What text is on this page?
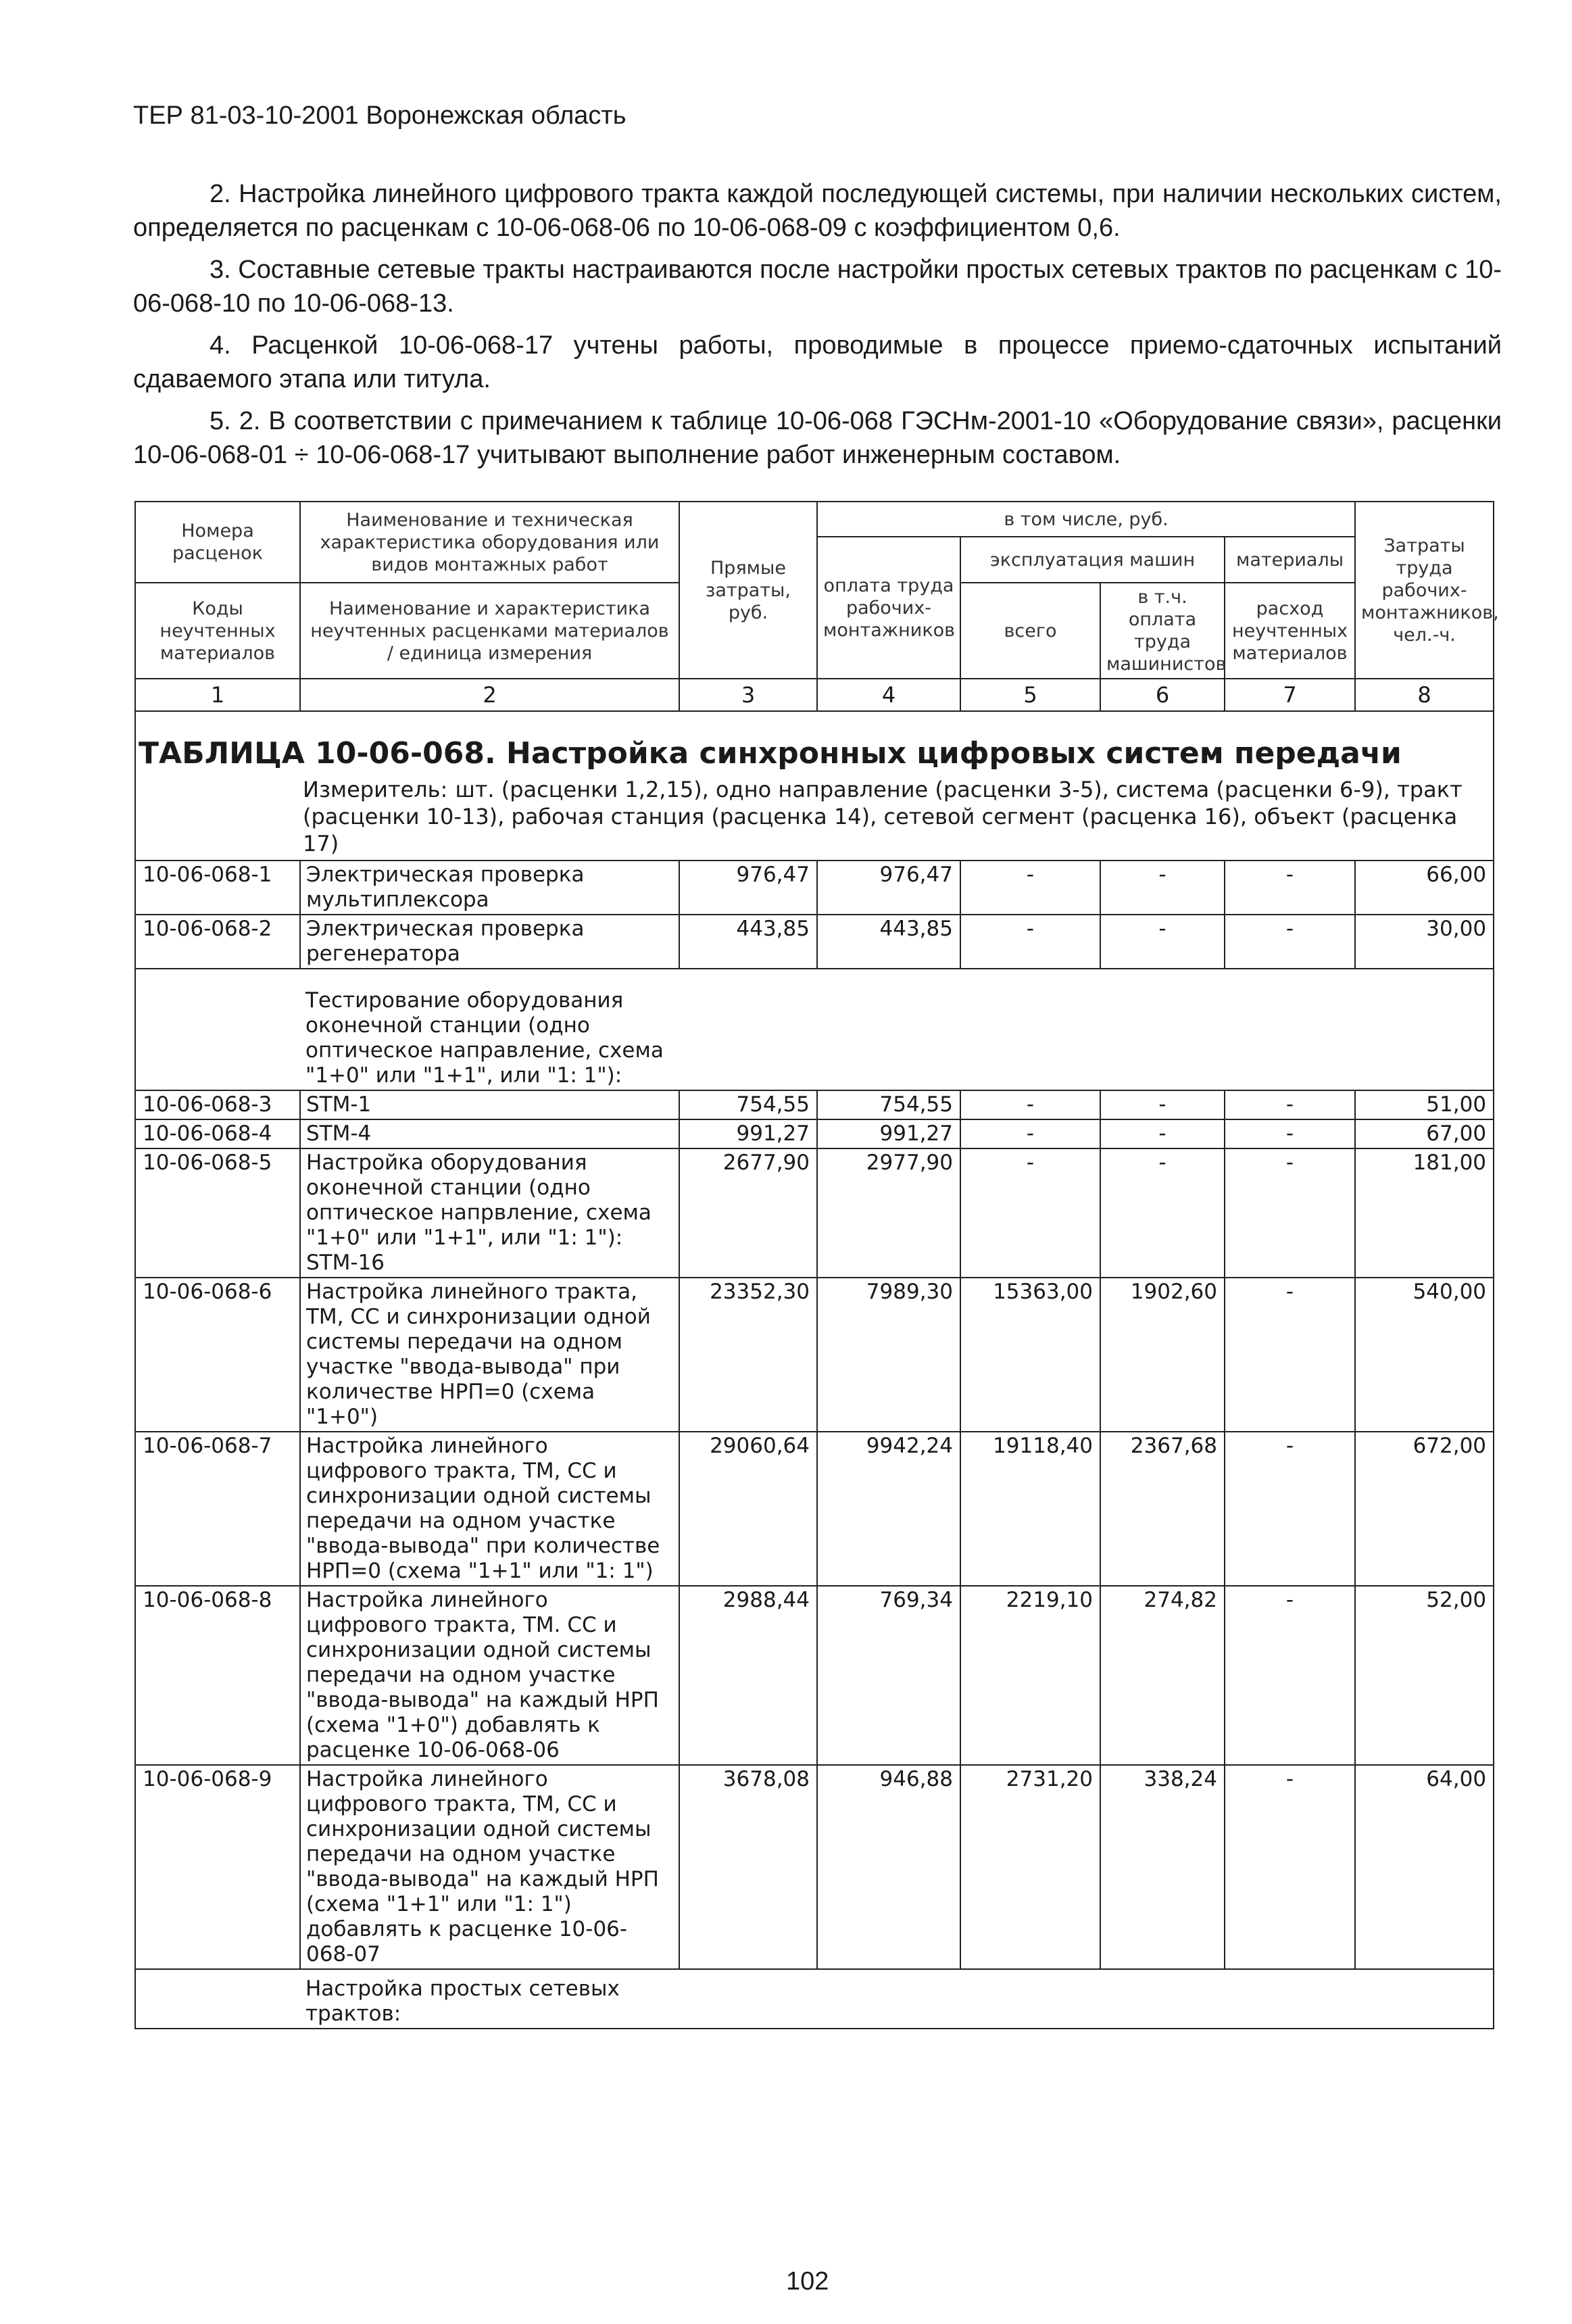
ТЕР 81-03-10-2001 Воронежская область

2. Настройка линейного цифрового тракта каждой последующей системы, при наличии нескольких систем, определяется по расценкам с 10-06-068-06 по 10-06-068-09 с коэффициентом 0,6.

3. Составные сетевые тракты настраиваются после настройки простых сетевых трактов по расценкам с 10-06-068-10 по 10-06-068-13.

4. Расценкой 10-06-068-17 учтены работы, проводимые в процессе приемо-сдаточных испытаний сдаваемого этапа или титула.

5. 2. В соответствии с примечанием к таблице 10-06-068 ГЭСНм-2001-10 «Оборудование связи», расценки 10-06-068-01 ÷ 10-06-068-17 учитывают выполнение работ инженерным составом.

Номера расценок	Наименование и техническая характеристика оборудования или видов монтажных работ	Прямые затраты, руб.	в том числе, руб.				Затраты труда рабочих-монтажников, чел.-ч.
			оплата труда рабочих-монтажников	эксплуатация машин		материалы	
Коды неучтенных материалов	Наименование и характеристика неучтенных расценками материалов / единица измерения			всего	в т.ч. оплата труда машинистов	расход неучтенных материалов	

1	2	3	4	5	6	7	8

ТАБЛИЦА 10-06-068. Настройка синхронных цифровых систем передачи
Измеритель: шт. (расценки 1,2,15), одно направление (расценки 3-5), система (расценки 6-9), тракт (расценки 10-13), рабочая станция (расценка 14), сетевой сегмент (расценка 16), объект (расценка 17)							

10-06-068-1	Электрическая проверка мультиплексора	976,47	976,47	-	-	-	66,00
10-06-068-2	Электрическая проверка регенератора	443,85	443,85	-	-	-	30,00

	Тестирование оборудования оконечной станции (одно оптическое направление, схема "1+0" или "1+1", или "1: 1"):						

10-06-068-3	STM-1	754,55	754,55	-	-	-	51,00
10-06-068-4	STM-4	991,27	991,27	-	-	-	67,00
10-06-068-5	Настройка оборудования оконечной станции (одно оптическое напрвление, схема "1+0" или "1+1", или "1: 1"): STM-16	2677,90	2977,90	-	-	-	181,00
10-06-068-6	Настройка линейного тракта, ТМ, СС и синхронизации одной системы передачи на одном участке "ввода-вывода" при количестве НРП=0 (схема "1+0")	23352,30	7989,30	15363,00	1902,60	-	540,00
10-06-068-7	Настройка линейного цифрового тракта, ТМ, СС и синхронизации одной системы передачи на одном участке "ввода-вывода" при количестве НРП=0 (схема "1+1" или "1: 1")	29060,64	9942,24	19118,40	2367,68	-	672,00
10-06-068-8	Настройка линейного цифрового тракта, ТМ. СС и синхронизации одной системы передачи на одном участке "ввода-вывода" на каждый НРП (схема "1+0") добавлять к расценке 10-06-068-06	2988,44	769,34	2219,10	274,82	-	52,00
10-06-068-9	Настройка линейного цифрового тракта, ТМ, СС и синхронизации одной системы передачи на одном участке "ввода-вывода" на каждый НРП (схема "1+1" или "1: 1") добавлять к расценке 10-06-068-07	3678,08	946,88	2731,20	338,24	-	64,00

	Настройка простых сетевых трактов:						
102
